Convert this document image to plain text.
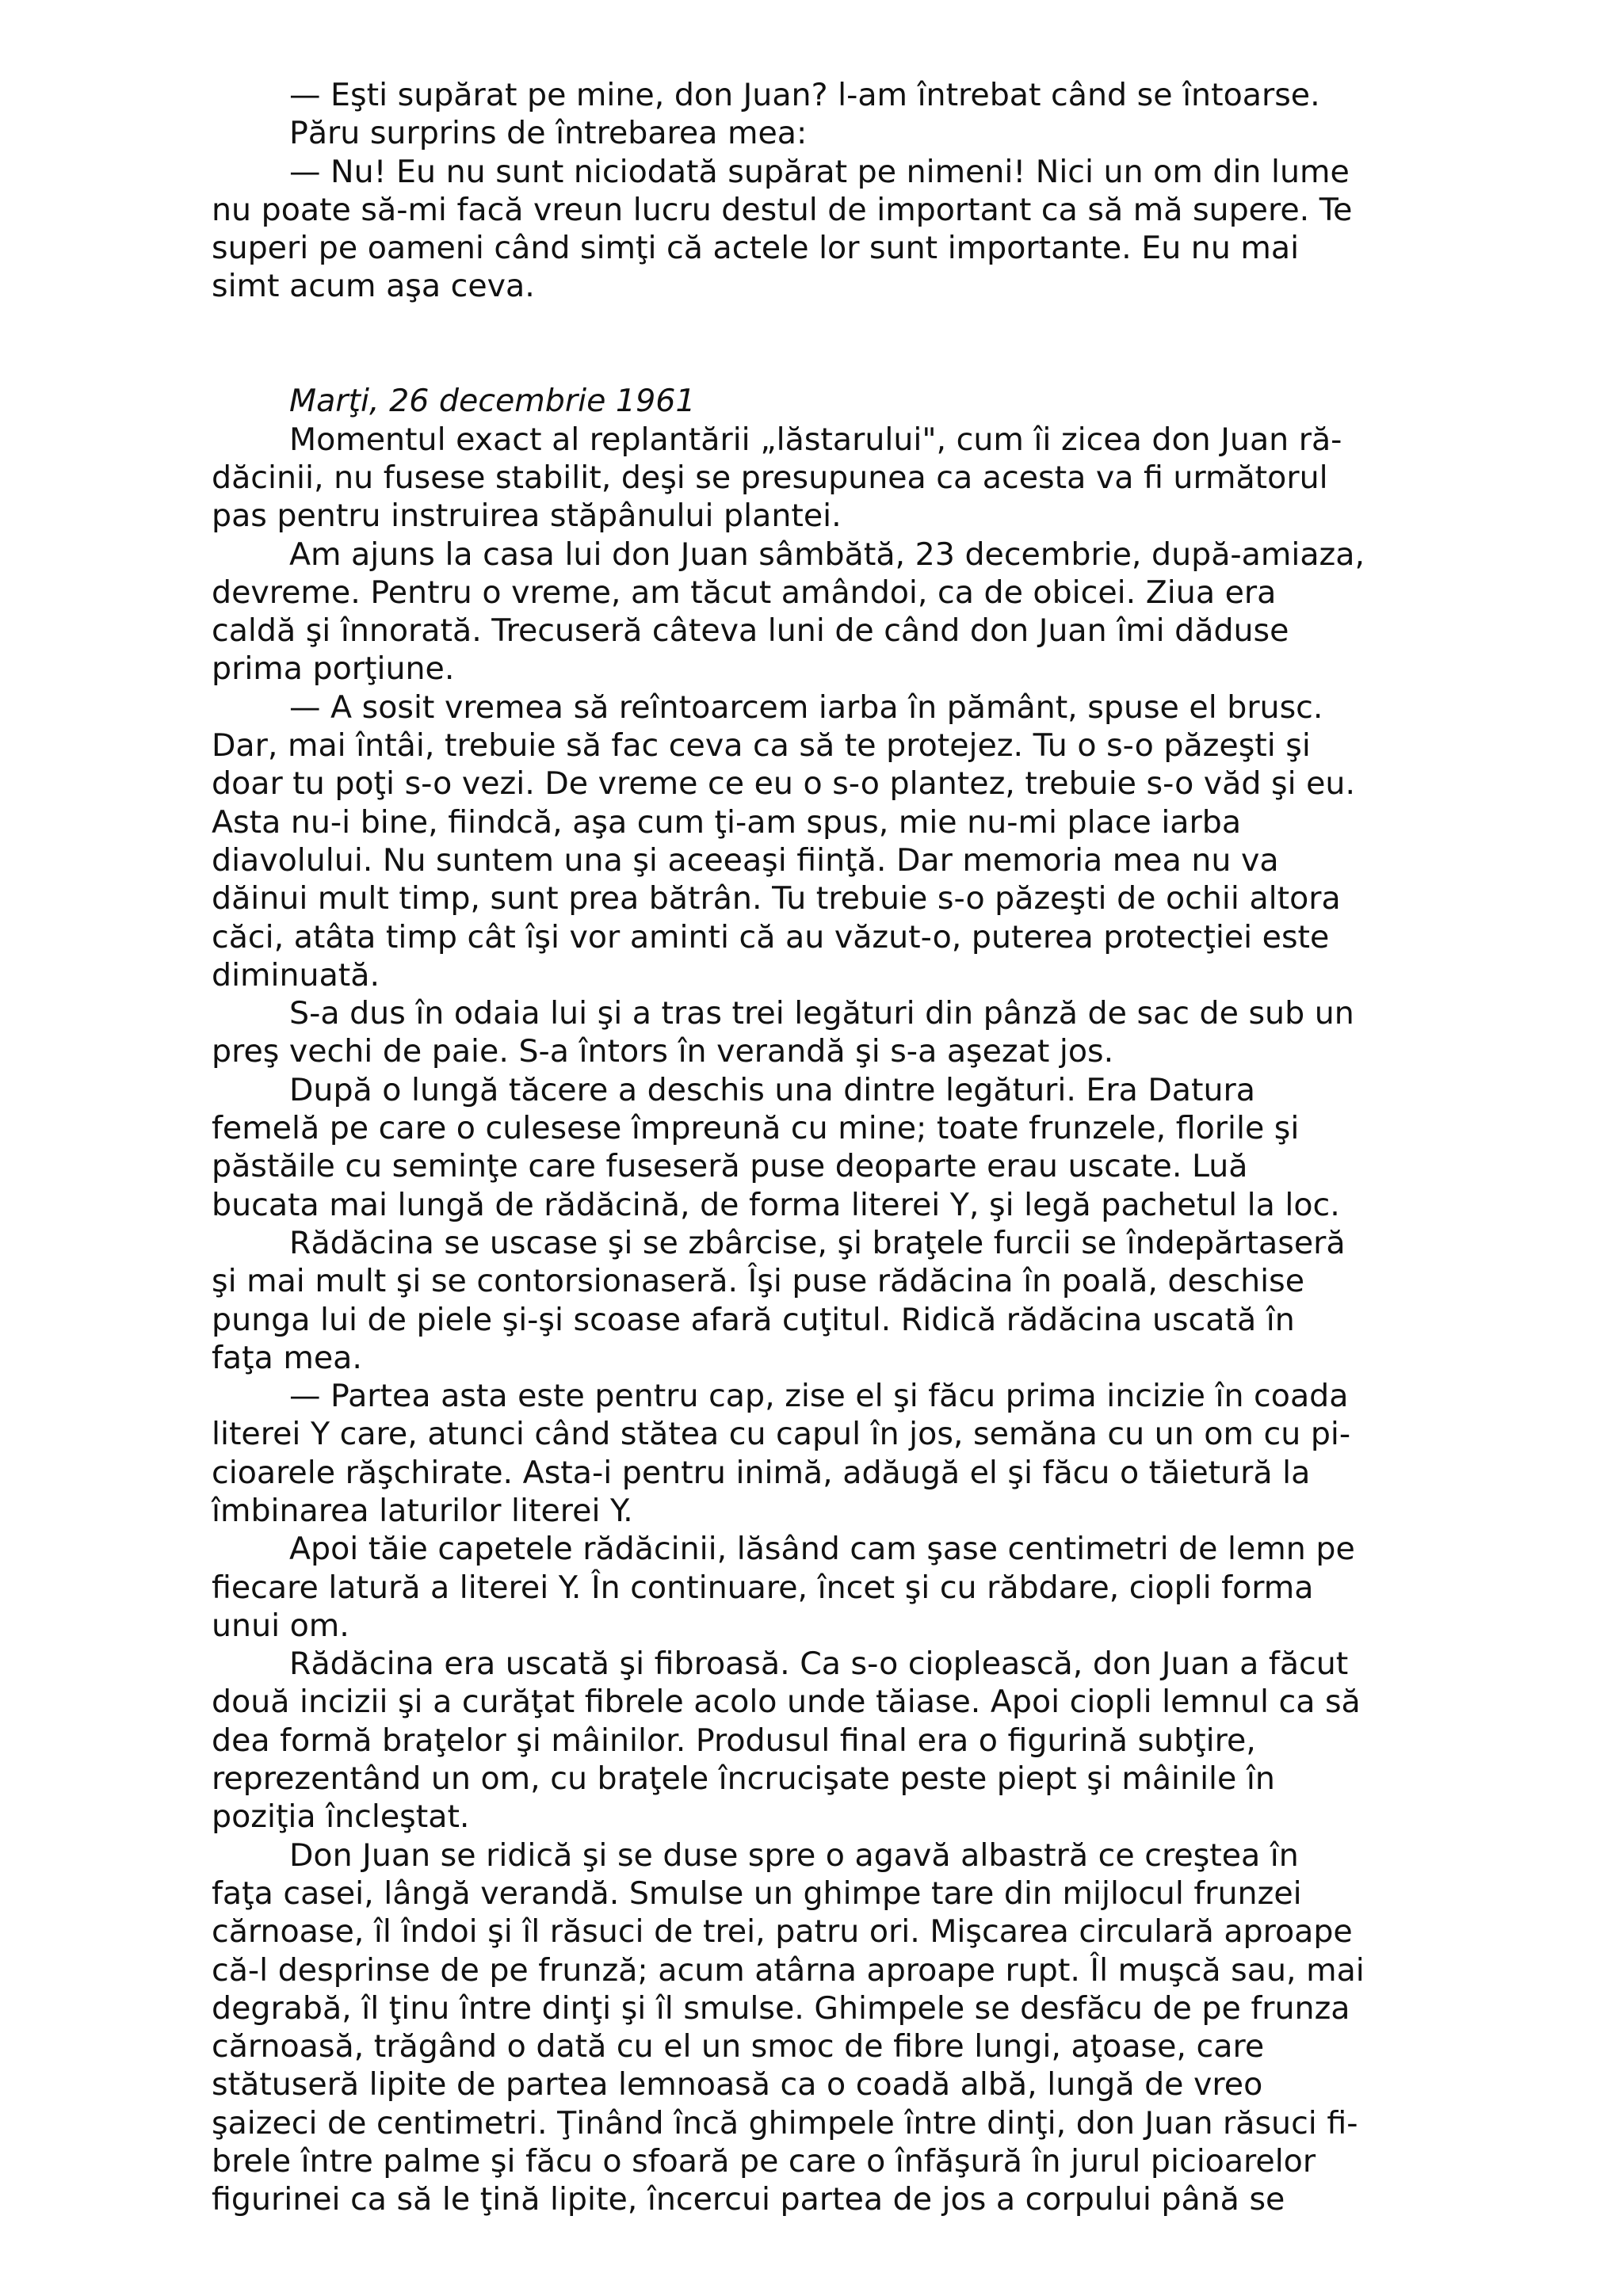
— Eşti supărat pe mine, don Juan? l-am întrebat când se întoarse.
Păru surprins de întrebarea mea:
— Nu! Eu nu sunt niciodată supărat pe nimeni! Nici un om din lume
nu poate să-mi facă vreun lucru destul de important ca să mă supere. Te
superi pe oameni când simţi că actele lor sunt importante. Eu nu mai
simt acum aşa ceva.
Marţi, 26 decembrie 1961
Momentul exact al replantării „lăstarului", cum îi zicea don Juan ră-
dăcinii, nu fusese stabilit, deşi se presupunea ca acesta va fi următorul
pas pentru instruirea stăpânului plantei.
Am ajuns la casa lui don Juan sâmbătă, 23 decembrie, după-amiaza,
devreme. Pentru o vreme, am tăcut amândoi, ca de obicei. Ziua era
caldă şi înnorată. Trecuseră câteva luni de când don Juan îmi dăduse
prima porţiune.
— A sosit vremea să reîntoarcem iarba în pământ, spuse el brusc.
Dar, mai întâi, trebuie să fac ceva ca să te protejez. Tu o s-o păzeşti şi
doar tu poţi s-o vezi. De vreme ce eu o s-o plantez, trebuie s-o văd şi eu.
Asta nu-i bine, fiindcă, aşa cum ţi-am spus, mie nu-mi place iarba
diavolului. Nu suntem una şi aceeaşi fiinţă. Dar memoria mea nu va
dăinui mult timp, sunt prea bătrân. Tu trebuie s-o păzeşti de ochii altora
căci, atâta timp cât îşi vor aminti că au văzut-o, puterea protecţiei este
diminuată.
S-a dus în odaia lui şi a tras trei legături din pânză de sac de sub un
preş vechi de paie. S-a întors în verandă şi s-a aşezat jos.
După o lungă tăcere a deschis una dintre legături. Era Datura
femelă pe care o culesese împreună cu mine; toate frunzele, florile şi
păstăile cu seminţe care fuseseră puse deoparte erau uscate. Luă
bucata mai lungă de rădăcină, de forma literei Y, şi legă pachetul la loc.
Rădăcina se uscase şi se zbârcise, şi braţele furcii se îndepărtaseră
şi mai mult şi se contorsionaseră. Îşi puse rădăcina în poală, deschise
punga lui de piele şi-şi scoase afară cuţitul. Ridică rădăcina uscată în
faţa mea.
— Partea asta este pentru cap, zise el şi făcu prima incizie în coada
literei Y care, atunci când stătea cu capul în jos, semăna cu un om cu pi-
cioarele răşchirate. Asta-i pentru inimă, adăugă el şi făcu o tăietură la
îmbinarea laturilor literei Y.
Apoi tăie capetele rădăcinii, lăsând cam şase centimetri de lemn pe
fiecare latură a literei Y. În continuare, încet şi cu răbdare, ciopli forma
unui om.
Rădăcina era uscată şi fibroasă. Ca s-o cioplească, don Juan a făcut
două incizii şi a curăţat fibrele acolo unde tăiase. Apoi ciopli lemnul ca să
dea formă braţelor şi mâinilor. Produsul final era o figurină subţire,
reprezentând un om, cu braţele încrucişate peste piept şi mâinile în
poziţia încleştat.
Don Juan se ridică şi se duse spre o agavă albastră ce creştea în
faţa casei, lângă verandă. Smulse un ghimpe tare din mijlocul frunzei
cărnoase, îl îndoi şi îl răsuci de trei, patru ori. Mişcarea circulară aproape
că-l desprinse de pe frunză; acum atârna aproape rupt. Îl muşcă sau, mai
degrabă, îl ţinu între dinţi şi îl smulse. Ghimpele se desfăcu de pe frunza
cărnoasă, trăgând o dată cu el un smoc de fibre lungi, aţoase, care
stătuseră lipite de partea lemnoasă ca o coadă albă, lungă de vreo
şaizeci de centimetri. Ţinând încă ghimpele între dinţi, don Juan răsuci fi-
brele între palme şi făcu o sfoară pe care o înfăşură în jurul picioarelor
figurinei ca să le ţină lipite, încercui partea de jos a corpului până se
